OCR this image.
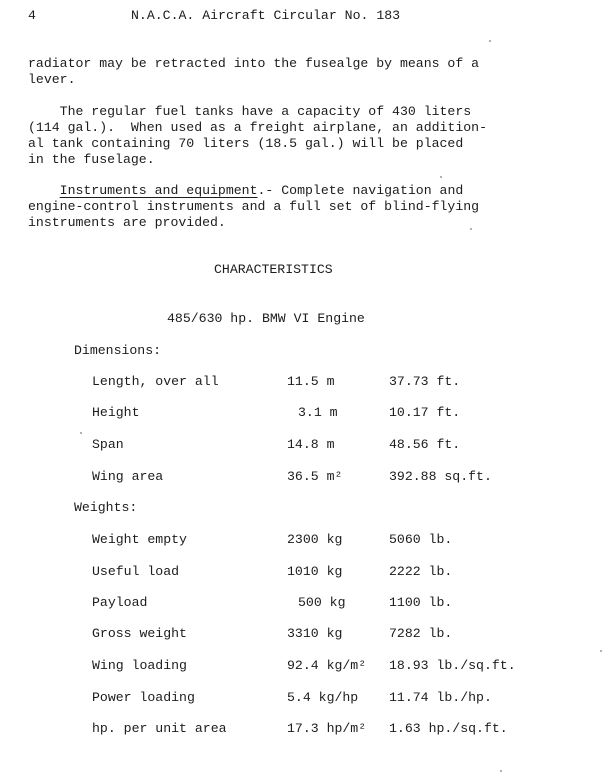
4	N.A.C.A. Aircraft Circular No. 183
radiator may be retracted into the fusealge by means of a
lever.
The regular fuel tanks have a capacity of 430 liters
(114 gal.).  When used as a freight airplane, an addition-
al tank containing 70 liters (18.5 gal.) will be placed
in the fuselage.
Instruments and equipment.- Complete navigation and
engine-control instruments and a full set of blind-flying
instruments are provided.
CHARACTERISTICS
485/630 hp. BMW VI Engine
Dimensions:
Length, over all	11.5 m	37.73 ft.
Height	3.1 m	10.17 ft.
Span	14.8 m	48.56 ft.
Wing area	36.5 m²	392.88 sq.ft.
Weights:
Weight empty	2300 kg	5060 lb.
Useful load	1010 kg	2222 lb.
Payload	500 kg	1100 lb.
Gross weight	3310 kg	7282 lb.
Wing loading	92.4 kg/m² 18.93 lb./sq.ft.
Power loading	5.4 kg/hp 11.74 lb./hp.
hp. per unit area	17.3 hp/m² 1.63 hp./sq.ft.
